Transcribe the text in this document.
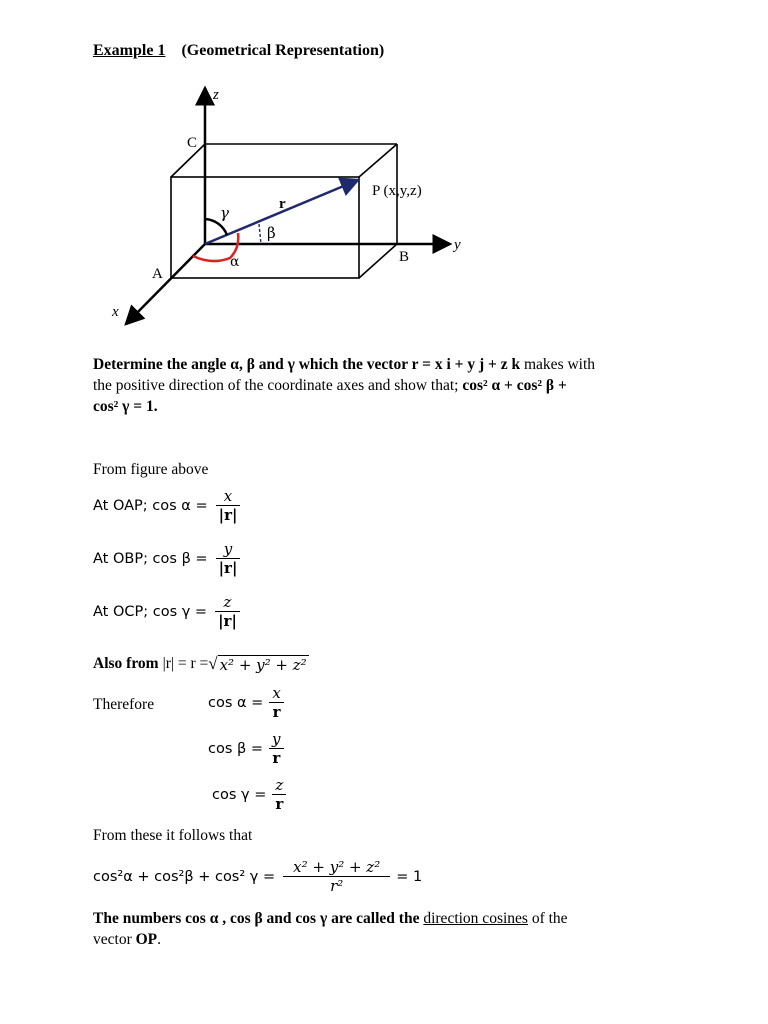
Example 1 (Geometrical Representation)
z
y
x
C
A
B
P (x,y,z)
r
γ
β
α
Determine the angle α, β and γ which the vector r = x i + y j + z k makes with
the positive direction of the coordinate axes and show that; cos² α + cos² β +
cos² γ = 1.
From figure above
At OAP; $\cos \alpha = \frac{x}{|r|}$
At OBP; $\cos \beta = \frac{y}{|r|}$
At OCP; $\cos \gamma = \frac{z}{|r|}$
Also from |r| = r = √ x² + y² + z²
Therefore	$\cos \alpha = \frac{x}{r}$
$\cos \beta = \frac{y}{r}$
$\cos \gamma = \frac{z}{r}$
From these it follows that
cos²α + cos²β + cos² $\gamma = \frac{\text{x² + y² + z²}}{\text{r²}} = 1$
The numbers cos α , cos β and cos γ are called the direction cosines of the
vector OP.
